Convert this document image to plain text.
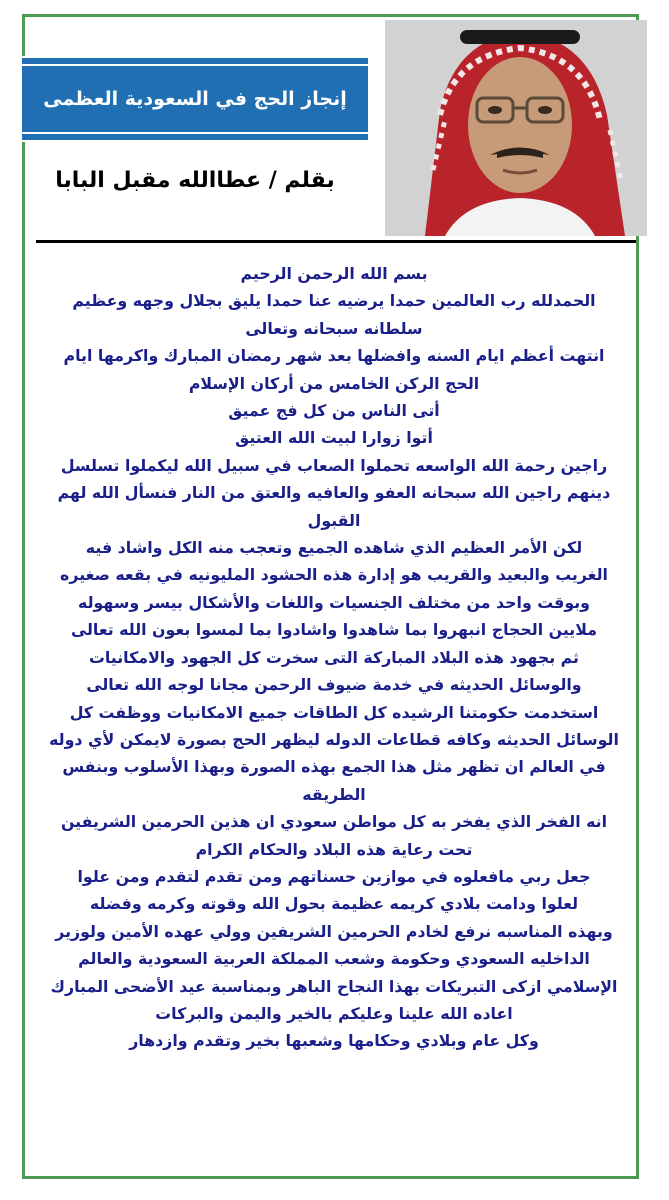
إنجاز الحج في السعودية العظمى
بقلم / عطاالله مقبل البابا
بسم الله الرحمن الرحيم
الحمدلله رب العالمين حمدا يرضيه عنا حمدا يليق بجلال وجهه وعظيم
سلطانه سبحانه وتعالى
انتهت أعظم ايام السنه وافضلها بعد شهر رمضان المبارك واكرمها ايام
الحج الركن الخامس من أركان الإسلام
أتى الناس من كل فج عميق
أتوا زوارا لبيت الله العتيق
راجين رحمة الله الواسعه تحملوا الصعاب في سبيل الله ليكملوا تسلسل
دينهم راجين الله سبحانه العفو والعافيه والعتق من النار فنسأل الله لهم
القبول
لكن الأمر العظيم الذي شاهده الجميع وتعجب منه الكل واشاد فيه
الغريب والبعيد والقريب هو إدارة هذه الحشود المليونيه في بقعه صغيره
وبوقت واحد من مختلف الجنسيات واللغات والأشكال بيسر وسهوله
ملايين الحجاج انبهروا بما شاهدوا واشادوا بما لمسوا بعون الله تعالى
ثم بجهود هذه البلاد المباركة التى سخرت كل الجهود والامكانيات
والوسائل الحديثه في خدمة ضيوف الرحمن مجانا لوجه الله تعالى
استخدمت حكومتنا الرشيده كل الطاقات جميع الامكانيات ووظفت كل
الوسائل الحديثه وكافه قطاعات الدوله ليظهر الحج بصورة لايمكن لأي دوله
في العالم ان تظهر مثل هذا الجمع بهذه الصورة وبهذا الأسلوب وبنفس
الطريقه
انه الفخر الذي يفخر به كل مواطن سعودي ان هذين الحرمين الشريفين
تحت رعاية هذه البلاد والحكام الكرام
جعل ربي مافعلوه في موازين حسناتهم ومن تقدم لتقدم ومن علوا
لعلوا ودامت بلادي كريمه عظيمة بحول الله وقوته وكرمه وفضله
وبهذه المناسبه نرفع لخادم الحرمين الشريفين وولي عهده الأمين ولوزير
الداخليه السعودي وحكومة وشعب المملكة العربية السعودية والعالم
الإسلامي ازكى التبريكات بهذا النجاح الباهر وبمناسبة عيد الأضحى المبارك
اعاده الله علينا وعليكم بالخير واليمن والبركات
وكل عام وبلادي وحكامها وشعبها بخير وتقدم وازدهار
